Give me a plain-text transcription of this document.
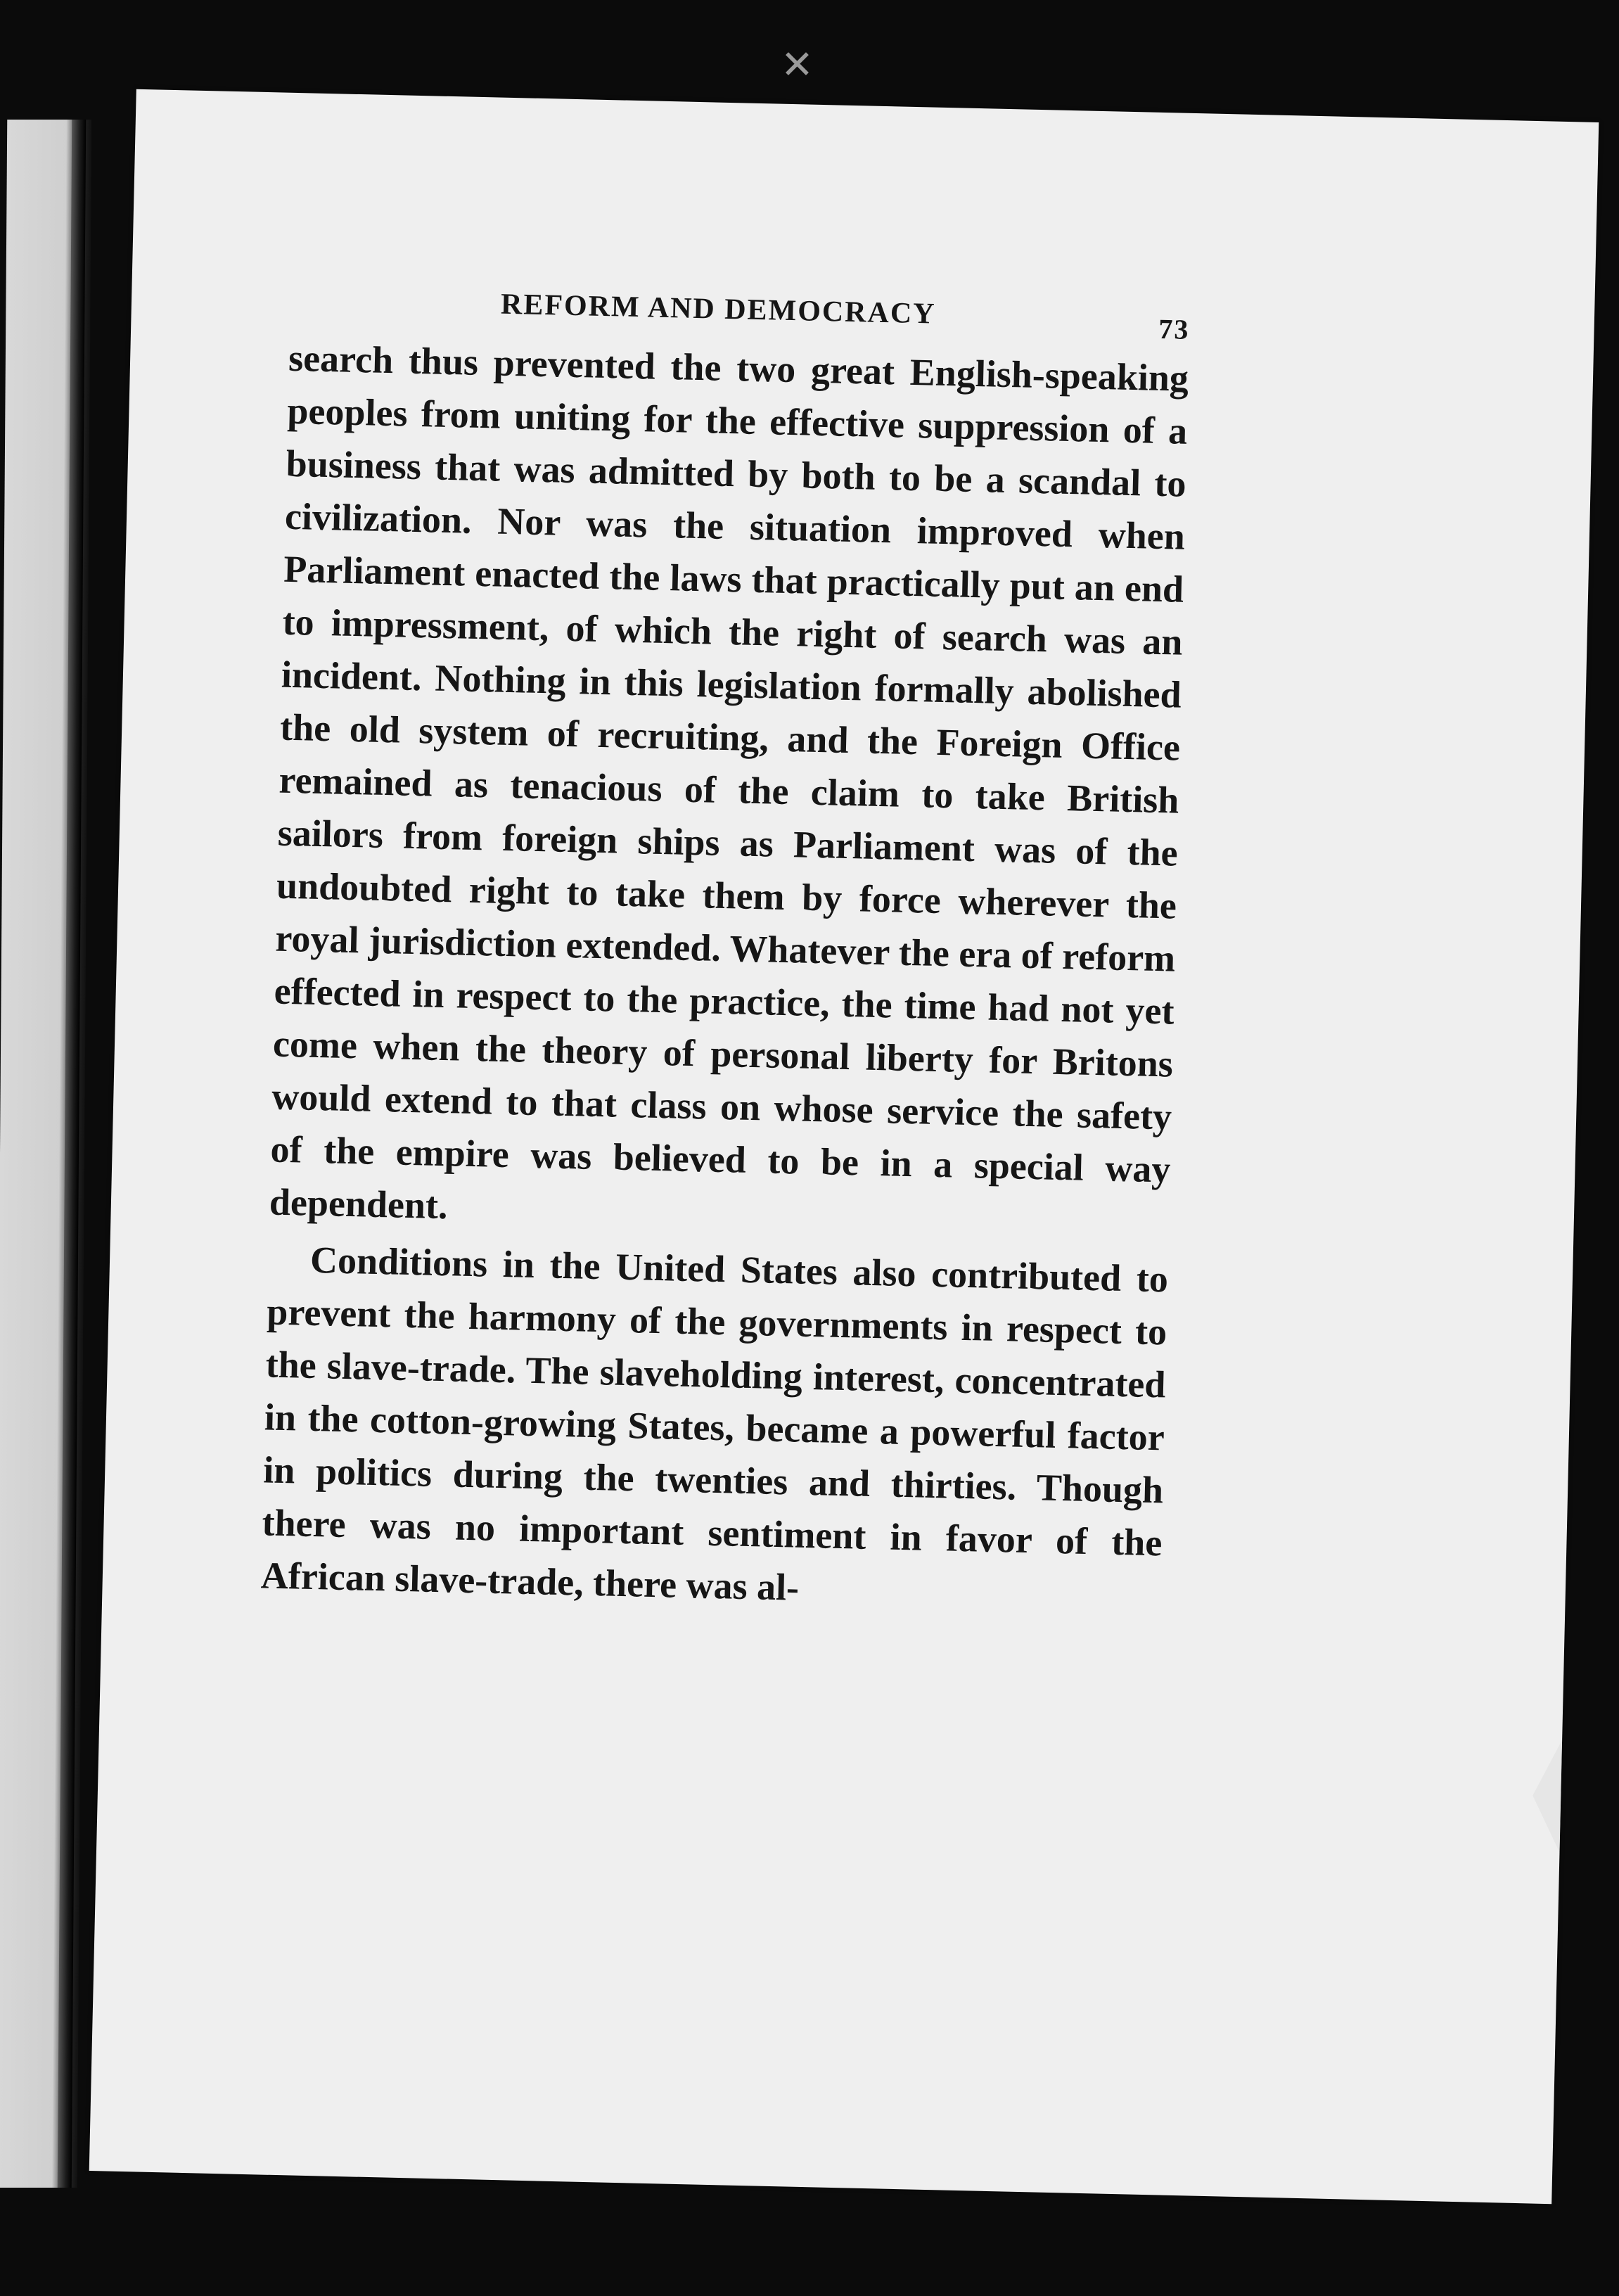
✕
REFORM AND DEMOCRACY	73

search thus prevented the two great English-speaking peoples from uniting for the effective suppression of a business that was admitted by both to be a scandal to civilization. Nor was the situation improved when Parliament enacted the laws that practically put an end to impressment, of which the right of search was an incident. Nothing in this legislation formally abolished the old system of recruiting, and the Foreign Office remained as tenacious of the claim to take British sailors from foreign ships as Parliament was of the undoubted right to take them by force wherever the royal jurisdiction extended. Whatever the era of reform effected in respect to the practice, the time had not yet come when the theory of personal liberty for Britons would extend to that class on whose service the safety of the empire was believed to be in a special way dependent.

Conditions in the United States also contributed to prevent the harmony of the governments in respect to the slave-trade. The slaveholding interest, concentrated in the cotton-growing States, became a powerful factor in politics during the twenties and thirties. Though there was no important sentiment in favor of the African slave-trade, there was al-
